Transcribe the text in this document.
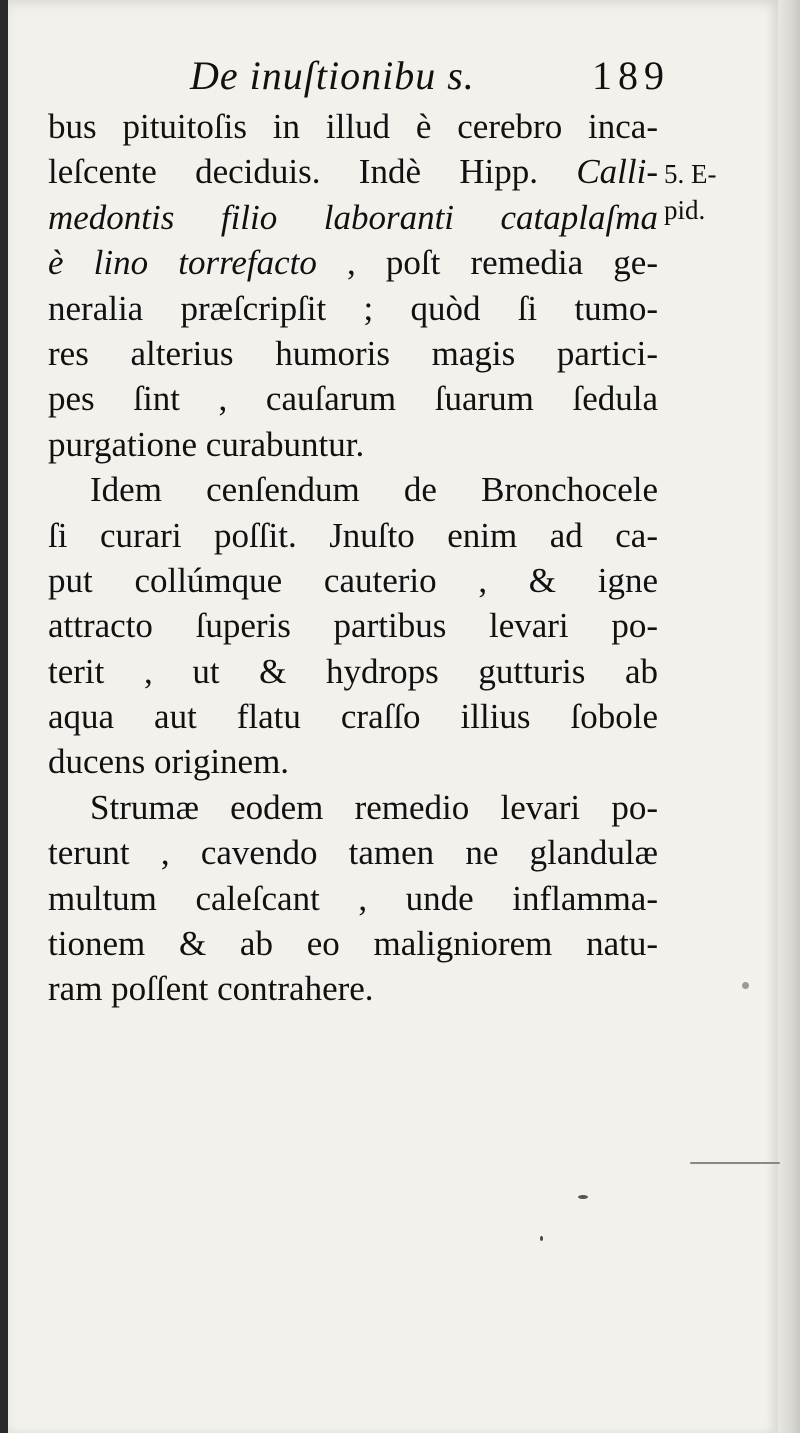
De inuſtionibu s.	189
5. E-
pid.
bus pituitoſis in illud è cerebro inca-
leſcente deciduis. Indè Hipp. Calli-
medontis filio laboranti cataplaſma
è lino torrefacto , poſt remedia ge-
neralia præſcripſit ; quòd ſi tumo-
res alterius humoris magis partici-
pes ſint , cauſarum ſuarum ſedula
purgatione curabuntur.
Idem cenſendum de Bronchocele
ſi curari poſſit. Jnuſto enim ad ca-
put collúmque cauterio , & igne
attracto ſuperis partibus levari po-
terit , ut & hydrops gutturis ab
aqua aut flatu craſſo illius ſobole
ducens originem.
Strumæ eodem remedio levari po-
terunt , cavendo tamen ne glandulæ
multum caleſcant , unde inflamma-
tionem & ab eo maligniorem natu-
ram poſſent contrahere.
